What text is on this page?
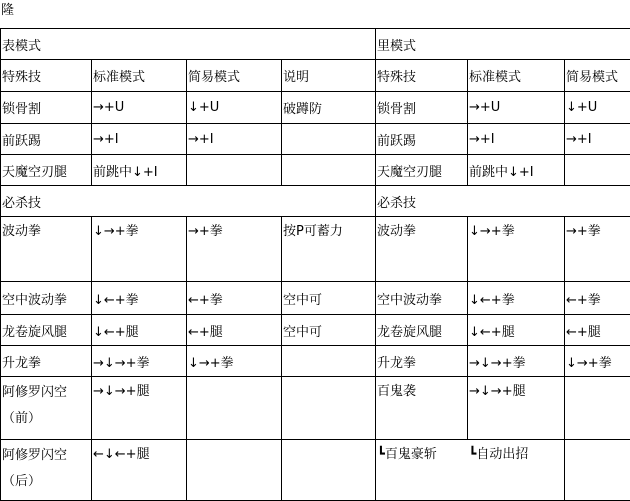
隆
表模式				里模式		
特殊技	标准模式	简易模式	说明	特殊技	标准模式	简易模式
锁骨割	→+U	↓+U	破蹲防	锁骨割	→+U	↓+U
前跃踢	→+I	→+I		前跃踢	→+I	→+I
天魔空刃腿	前跳中↓+I			天魔空刃腿	前跳中↓+I	
必杀技				必杀技		
波动拳	↓→+拳	→+拳	按P可蓄力	波动拳	↓→+拳	→+拳
空中波动拳	↓←+拳	←+拳	空中可	空中波动拳	↓←+拳	←+拳
龙卷旋风腿	↓←+腿	←+腿	空中可	龙卷旋风腿	↓←+腿	←+腿
升龙拳	→↓→+拳	↓→+拳		升龙拳	→↓→+拳	↓→+拳

阿修罗闪空
（前）	→↓→+腿			百鬼袭	→↓→+腿	

阿修罗闪空
（后）	←↓←+腿			┗百鬼豪斩	┗自动出招	
